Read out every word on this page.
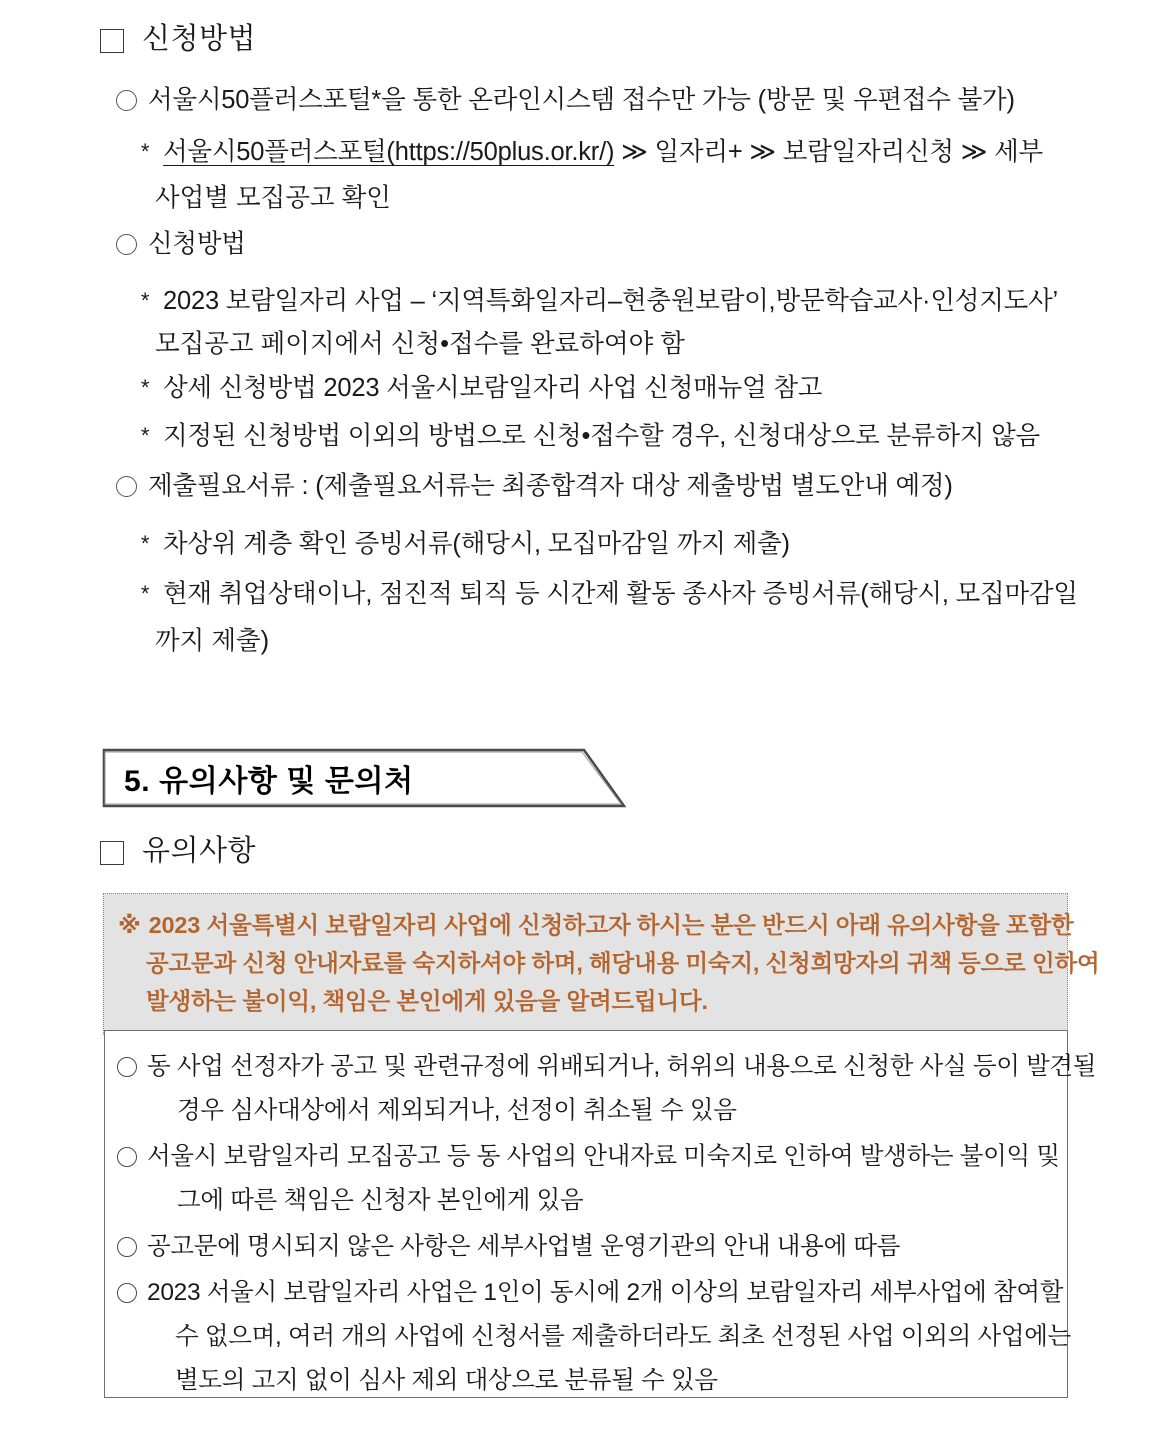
신청방법
서울시50플러스포털*을 통한 온라인시스템 접수만 가능 (방문 및 우편접수 불가)
* 서울시50플러스포털(https://50plus.or.kr/) ≫ 일자리+ ≫ 보람일자리신청 ≫ 세부
사업별 모집공고 확인
신청방법
* 2023 보람일자리 사업 – ‘지역특화일자리–현충원보람이,방문학습교사·인성지도사’
모집공고 페이지에서 신청•접수를 완료하여야 함
* 상세 신청방법 2023 서울시보람일자리 사업 신청매뉴얼 참고
* 지정된 신청방법 이외의 방법으로 신청•접수할 경우, 신청대상으로 분류하지 않음
제출필요서류 : (제출필요서류는 최종합격자 대상 제출방법 별도안내 예정)
* 차상위 계층 확인 증빙서류(해당시, 모집마감일 까지 제출)
* 현재 취업상태이나, 점진적 퇴직 등 시간제 활동 종사자 증빙서류(해당시, 모집마감일
까지 제출)
5. 유의사항 및 문의처
유의사항
※ 2023 서울특별시 보람일자리 사업에 신청하고자 하시는 분은 반드시 아래 유의사항을 포함한
공고문과 신청 안내자료를 숙지하셔야 하며, 해당내용 미숙지, 신청희망자의 귀책 등으로 인하여
발생하는 불이익, 책임은 본인에게 있음을 알려드립니다.
동 사업 선정자가 공고 및 관련규정에 위배되거나, 허위의 내용으로 신청한 사실 등이 발견될
경우 심사대상에서 제외되거나, 선정이 취소될 수 있음
서울시 보람일자리 모집공고 등 동 사업의 안내자료 미숙지로 인하여 발생하는 불이익 및
그에 따른 책임은 신청자 본인에게 있음
공고문에 명시되지 않은 사항은 세부사업별 운영기관의 안내 내용에 따름
2023 서울시 보람일자리 사업은 1인이 동시에 2개 이상의 보람일자리 세부사업에 참여할
수 없으며, 여러 개의 사업에 신청서를 제출하더라도 최초 선정된 사업 이외의 사업에는
별도의 고지 없이 심사 제외 대상으로 분류될 수 있음
